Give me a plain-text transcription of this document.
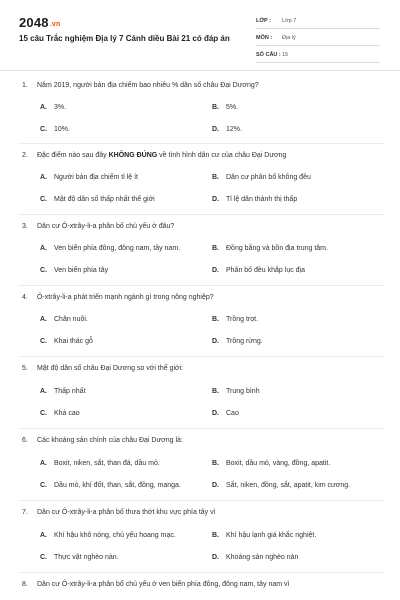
2048.vn
15 câu Trắc nghiệm Địa lý 7 Cánh diều Bài 21 có đáp án
LỚP :	Lớp 7
MÔN :	Địa lý
SỐ CÂU : 15
1. Năm 2019, người bản địa chiếm bao nhiêu % dân số châu Đại Dương?
A. 3%.	B. 5%.
C. 10%.	D. 12%.
2. Đặc điểm nào sau đây KHÔNG ĐÚNG về tình hình dân cư của châu Đại Dương
A. Người bản địa chiếm tỉ lệ ít	B. Dân cư phân bố không đều
C. Mật độ dân số thấp nhất thế giới	D. Tỉ lệ dân thành thị thấp
3. Dân cư Ô-xtrây-li-a phân bố chủ yếu ở đâu?
A. Ven biển phía đông, đông nam, tây nam.	B. Đồng bằng và bồn địa trung tâm.
C. Ven biển phía tây	D. Phân bố đều khắp lục địa
4. Ô-xtrây-li-a phát triển mạnh ngành gì trong nông nghiệp?
A. Chăn nuôi.	B. Trồng trọt.
C. Khai thác gỗ	D. Trồng rừng.
5. Mật độ dân số châu Đại Dương so với thế giới:
A. Thấp nhất	B. Trung bình
C. Khá cao	D. Cao
6. Các khoáng sản chính của châu Đại Dương là:
A. Boxit, niken, sắt, than đá, dầu mỏ.	B. Boxit, dầu mỏ, vàng, đồng, apatit.
C. Dầu mỏ, khí đốt, than, sắt, đồng, manga.	D. Sắt, niken, đồng, sắt, apatit, kim cương.
7. Dân cư Ô-xtrây-li-a phân bố thưa thớt khu vực phía tây vì
A. Khí hậu khô nóng, chủ yếu hoang mạc.	B. Khí hậu lạnh giá khắc nghiệt.
C. Thực vật nghèo nàn.	D. Khoáng sản nghèo nàn
8. Dân cư Ô-xtrây-li-a phân bố chủ yếu ở ven biển phía đông, đông nam, tây nam vì
